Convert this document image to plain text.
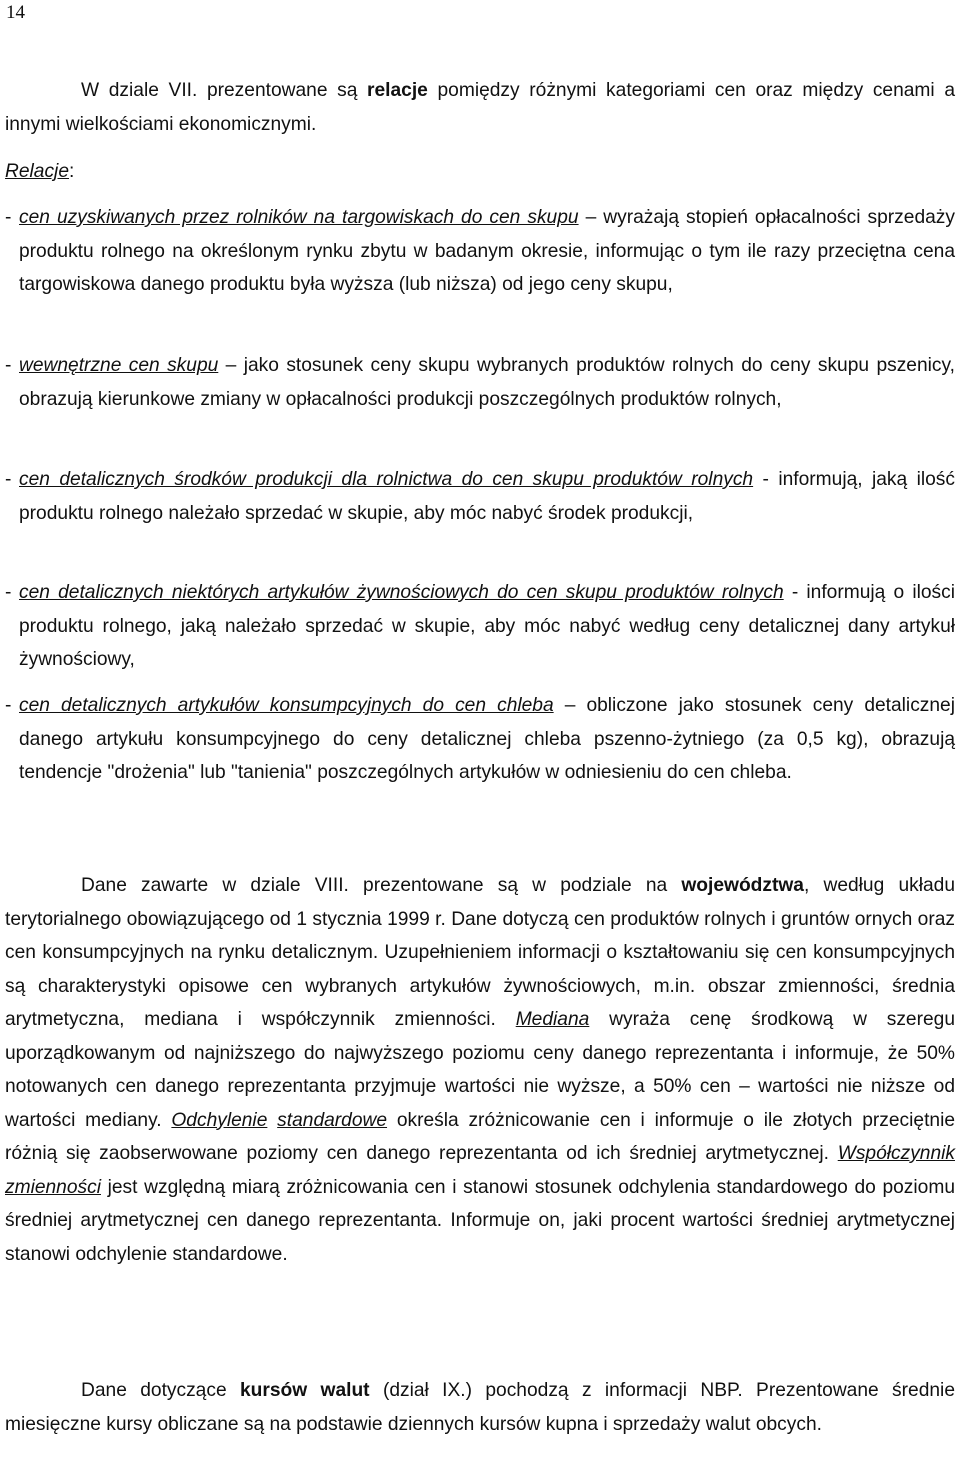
14
W dziale VII. prezentowane są relacje pomiędzy różnymi kategoriami cen oraz między cenami a innymi wielkościami ekonomicznymi.
Relacje:
- cen uzyskiwanych przez rolników na targowiskach do cen skupu – wyrażają stopień opłacalności sprzedaży produktu rolnego na określonym rynku zbytu w badanym okresie, informując o tym ile razy przeciętna cena targowiskowa danego produktu była wyższa (lub niższa) od jego ceny skupu,
- wewnętrzne cen skupu – jako stosunek ceny skupu wybranych produktów rolnych do ceny skupu pszenicy, obrazują kierunkowe zmiany w opłacalności produkcji poszczególnych produktów rolnych,
- cen detalicznych środków produkcji dla rolnictwa do cen skupu produktów rolnych - informują, jaką ilość produktu rolnego należało sprzedać w skupie, aby móc nabyć środek produkcji,
- cen detalicznych niektórych artykułów żywnościowych do cen skupu produktów rolnych - informują o ilości produktu rolnego, jaką należało sprzedać w skupie, aby móc nabyć według ceny detalicznej dany artykuł żywnościowy,
- cen detalicznych artykułów konsumpcyjnych do cen chleba – obliczone jako stosunek ceny detalicznej danego artykułu konsumpcyjnego do ceny detalicznej chleba pszenno-żytniego (za 0,5 kg), obrazują tendencje "drożenia" lub "tanienia" poszczególnych artykułów w odniesieniu do cen chleba.
Dane zawarte w dziale VIII. prezentowane są w podziale na województwa, według układu terytorialnego obowiązującego od 1 stycznia 1999 r. Dane dotyczą cen produktów rolnych i gruntów ornych oraz cen konsumpcyjnych na rynku detalicznym. Uzupełnieniem informacji o kształtowaniu się cen konsumpcyjnych są charakterystyki opisowe cen wybranych artykułów żywnościowych, m.in. obszar zmienności, średnia arytmetyczna, mediana i współczynnik zmienności. Mediana wyraża cenę środkową w szeregu uporządkowanym od najniższego do najwyższego poziomu ceny danego reprezentanta i informuje, że 50% notowanych cen danego reprezentanta przyjmuje wartości nie wyższe, a 50% cen – wartości nie niższe od wartości mediany. Odchylenie standardowe określa zróżnicowanie cen i informuje o ile złotych przeciętnie różnią się zaobserwowane poziomy cen danego reprezentanta od ich średniej arytmetycznej. Współczynnik zmienności jest względną miarą zróżnicowania cen i stanowi stosunek odchylenia standardowego do poziomu średniej arytmetycznej cen danego reprezentanta. Informuje on, jaki procent wartości średniej arytmetycznej stanowi odchylenie standardowe.
Dane dotyczące kursów walut (dział IX.) pochodzą z informacji NBP. Prezentowane średnie miesięczne kursy obliczane są na podstawie dziennych kursów kupna i sprzedaży walut obcych.
